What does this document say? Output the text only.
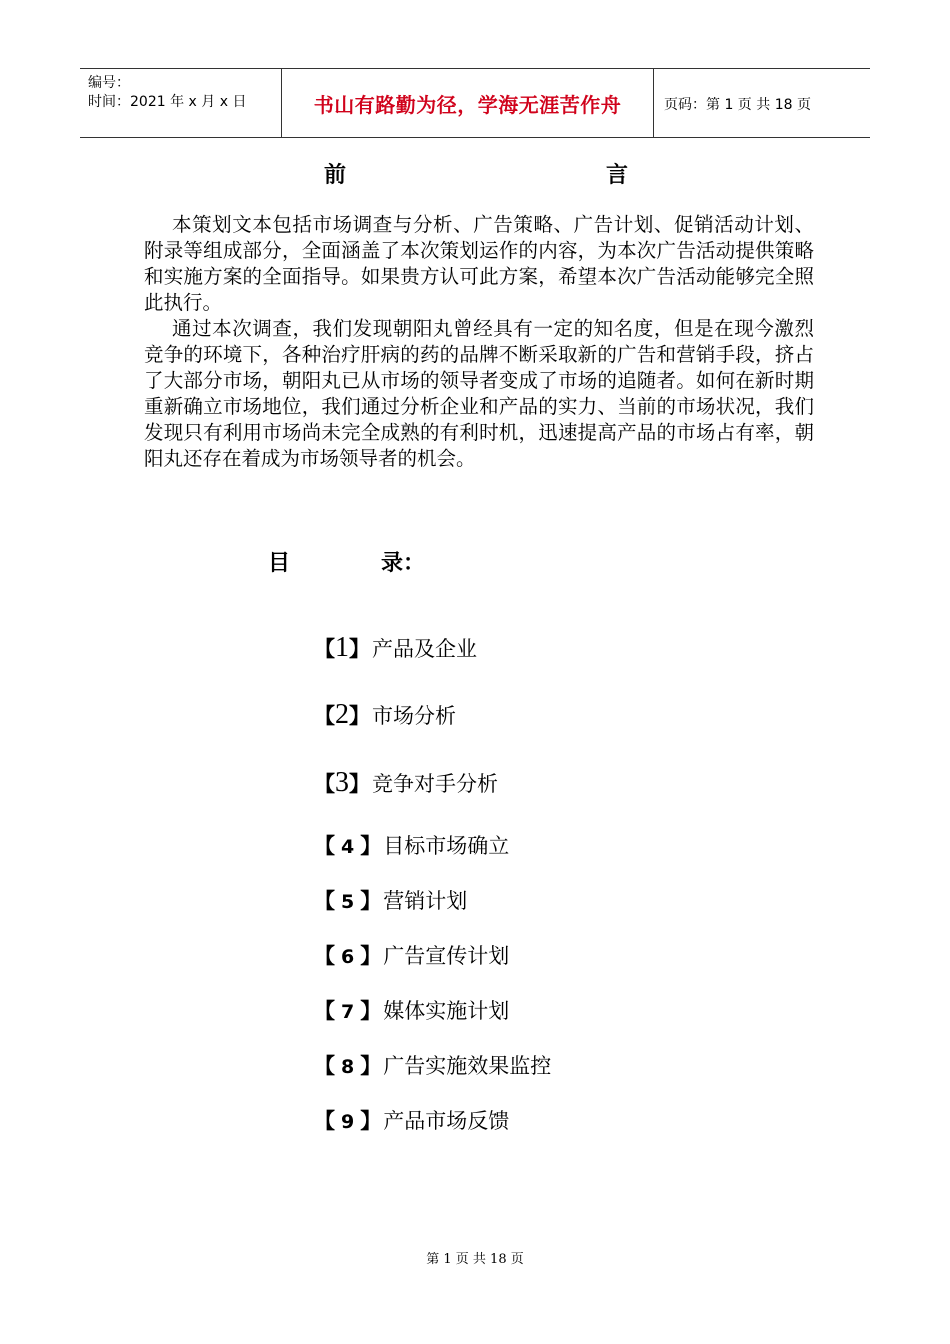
编号：
时间：2021 年 x 月 x 日	书山有路勤为径，学海无涯苦作舟	页码：第 1 页 共 18 页
前	言
本策划文本包括市场调查与分析、广告策略、广告计划、促销活动计划、附录等组成部分，全面涵盖了本次策划运作的内容，为本次广告活动提供策略和实施方案的全面指导。如果贵方认可此方案，希望本次广告活动能够完全照此执行。
通过本次调查，我们发现朝阳丸曾经具有一定的知名度，但是在现今激烈竞争的环境下，各种治疗肝病的药的品牌不断采取新的广告和营销手段，挤占了大部分市场，朝阳丸已从市场的领导者变成了市场的追随者。如何在新时期重新确立市场地位，我们通过分析企业和产品的实力、当前的市场状况，我们发现只有利用市场尚未完全成熟的有利时机，迅速提高产品的市场占有率，朝阳丸还存在着成为市场领导者的机会。
目	录：
【1】产品及企业
【2】市场分析
【3】竞争对手分析
【 4 】目标市场确立
【 5 】营销计划
【 6 】广告宣传计划
【 7 】媒体实施计划
【 8 】广告实施效果监控
【 9 】产品市场反馈
第 1 页 共 18 页
